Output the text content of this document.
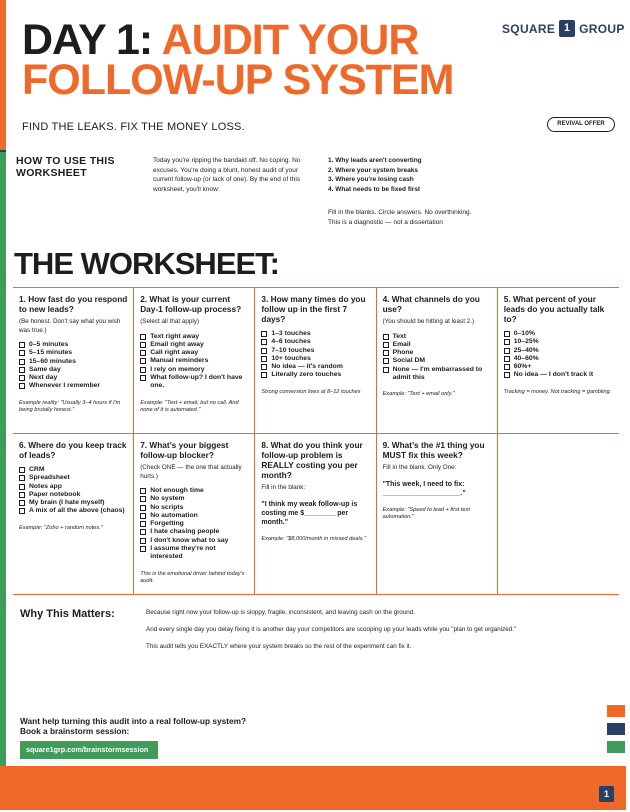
DAY 1: AUDIT YOUR
FOLLOW-UP SYSTEM
SQUARE 1 GROUP
FIND THE LEAKS. FIX THE MONEY LOSS.	REVIVAL OFFER
HOW TO USE THIS WORKSHEET
Today you're ripping the bandaid off. No coping. No excuses. You're doing a blunt, honest audit of your current follow-up (or lack of one). By the end of this worksheet, you'll know:
1. Why leads aren't converting
2. Where your system breaks
3. Where you're losing cash
4. What needs to be fixed first
Fill in the blanks. Circle answers. No overthinking. This is a diagnostic — not a dissertation
THE WORKSHEET:
1. How fast do you respond to new leads?
(Be honest. Don't say what you wish was true.)
0–5 minutes
5–15 minutes
15–60 minutes
Same day
Next day
Whenever I remember
Example reality: "Usually 3–4 hours if I'm being brutally honest."
2. What is your current Day-1 follow-up process?
(Select all that apply)
Text right away
Email right away
Call right away
Manual reminders
I rely on memory
What follow-up? I don't have one.
Example: "Text + email, but no call. And none of it is automated."
3. How many times do you follow up in the first 7 days?
1–3 touches
4–6 touches
7–10 touches
10+ touches
No idea — it's random
Literally zero touches
Strong conversion lives at 8–12 touches
4. What channels do you use?
(You should be hitting at least 2.)
Text
Email
Phone
Social DM
None — I'm embarrassed to admit this
Example: "Text + email only."
5. What percent of your leads do you actually talk to?
0–10%
10–25%
25–40%
40–60%
60%+
No idea — I don't track it
Tracking = money. Not tracking = gambling.
6. Where do you keep track of leads?
CRM
Spreadsheet
Notes app
Paper notebook
My brain (I hate myself)
A mix of all the above (chaos)
Example: "Zoho + random notes."
7. What's your biggest follow-up blocker?
(Check ONE — the one that actually hurts.)
Not enough time
No system
No scripts
No automation
Forgetting
I hate chasing people
I don't know what to say
I assume they're not interested
This is the emotional driver behind today's audit.
8. What do you think your follow-up problem is REALLY costing you per month?
Fill in the blank:
"I think my weak follow-up is costing me $________ per month."
Example: "$8,000/month in missed deals."
9. What's the #1 thing you MUST fix this week?
Fill in the blank. Only One:
"This week, I need to fix: ____________________."
Example: "Speed to lead + first text automation."
Why This Matters:	Because right now your follow-up is sloppy, fragile, inconsistent, and leaving cash on the ground.

And every single day you delay fixing it is another day your competitors are scooping up your leads while you "plan to get organized."

This audit tells you EXACTLY where your system breaks so the rest of the experiment can fix it.

Want help turning this audit into a real follow-up system?
Book a brainstorm session:
square1grp.com/brainstormsession
1
